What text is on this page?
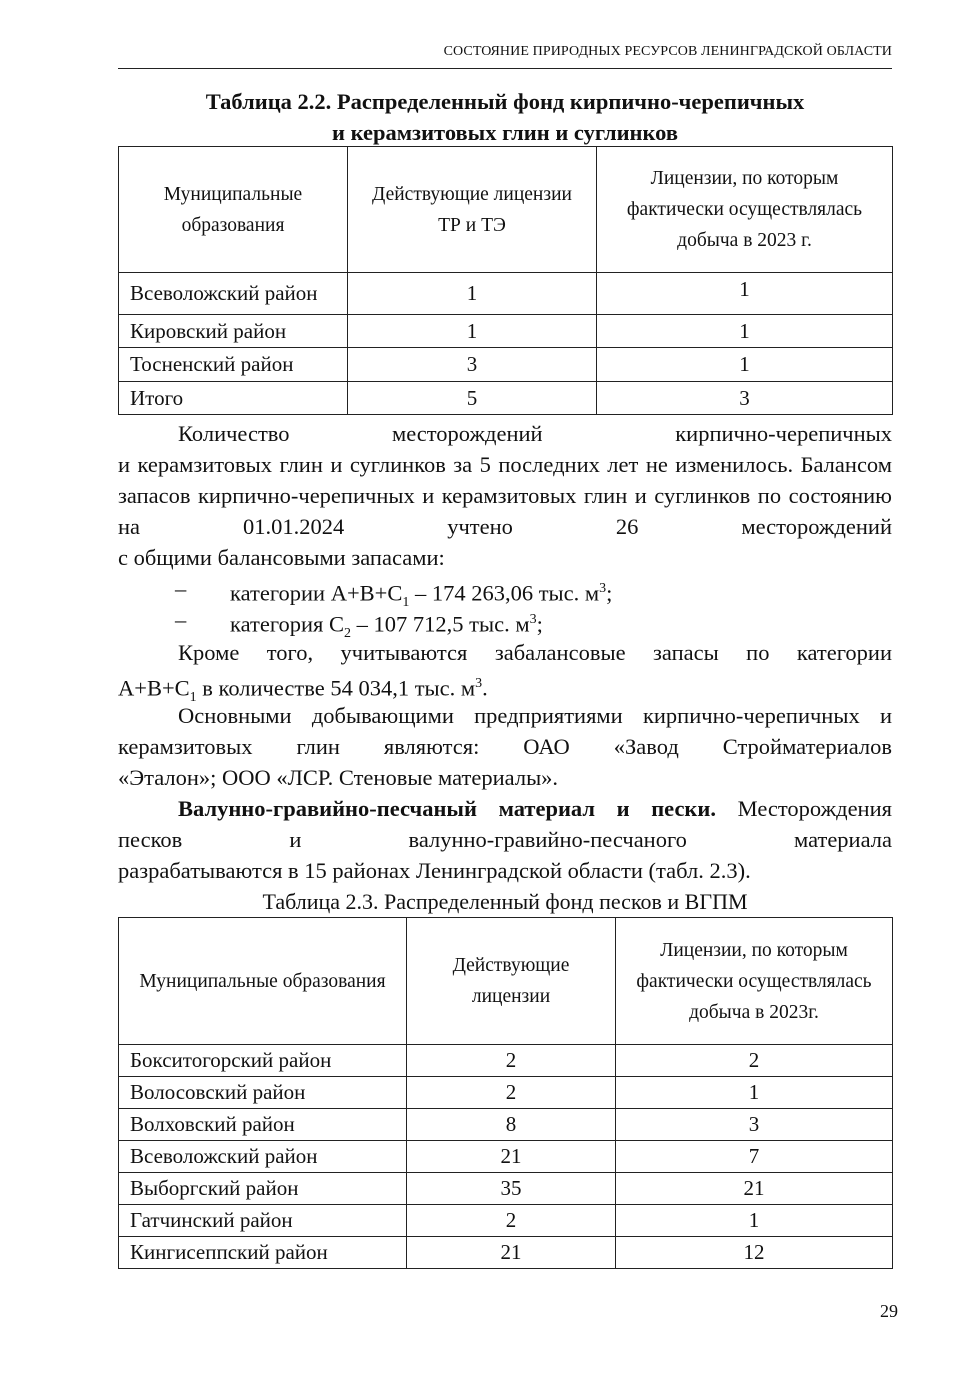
СОСТОЯНИЕ ПРИРОДНЫХ РЕСУРСОВ ЛЕНИНГРАДСКОЙ ОБЛАСТИ
Таблица 2.2. Распределенный фонд кирпично-черепичных
и керамзитовых глин и суглинков
Муниципальные образования	Действующие лицензии ТР и ТЭ	Лицензии, по которым фактически осуществлялась добыча в 2023 г.
Всеволожский район	1	1
Кировский район	1	1
Тосненский район	3	1
Итого	5	3
Количество	месторождений	кирпично-черепичных
и керамзитовых глин и суглинков за 5 последних лет не изменилось. Балансом запасов кирпично-черепичных и керамзитовых глин и суглинков по состоянию на 01.01.2024 учтено 26 месторождений
с общими балансовыми запасами:
– категории $А+В+С_1 - 174$ 263,06 тыс. $м^3$;
– категория $С_2 - 107$ 712,5 тыс. $м^3$;
Кроме того, учитываются забалансовые запасы по категории
$А+В+С_1$ в количестве 54 034,1 тыс. $м^3$.
Основными добывающими предприятиями кирпично-черепичных и керамзитовых глин являются: ОАО «Завод Стройматериалов
«Эталон»; ООО «ЛСР. Стеновые материалы».
Валунно-гравийно-песчаный материал и пески. Месторождения песков и валунно-гравийно-песчаного материала
разрабатываются в 15 районах Ленинградской области (табл. 2.3).
Таблица 2.3. Распределенный фонд песков и ВГПМ
Муниципальные образования	Действующие лицензии	Лицензии, по которым фактически осуществлялась добыча в 2023г.
Бокситогорский район	2	2
Волосовский район	2	1
Волховский район	8	3
Всеволожский район	21	7
Выборгский район	35	21
Гатчинский район	2	1
Кингисеппский район	21	12
29
